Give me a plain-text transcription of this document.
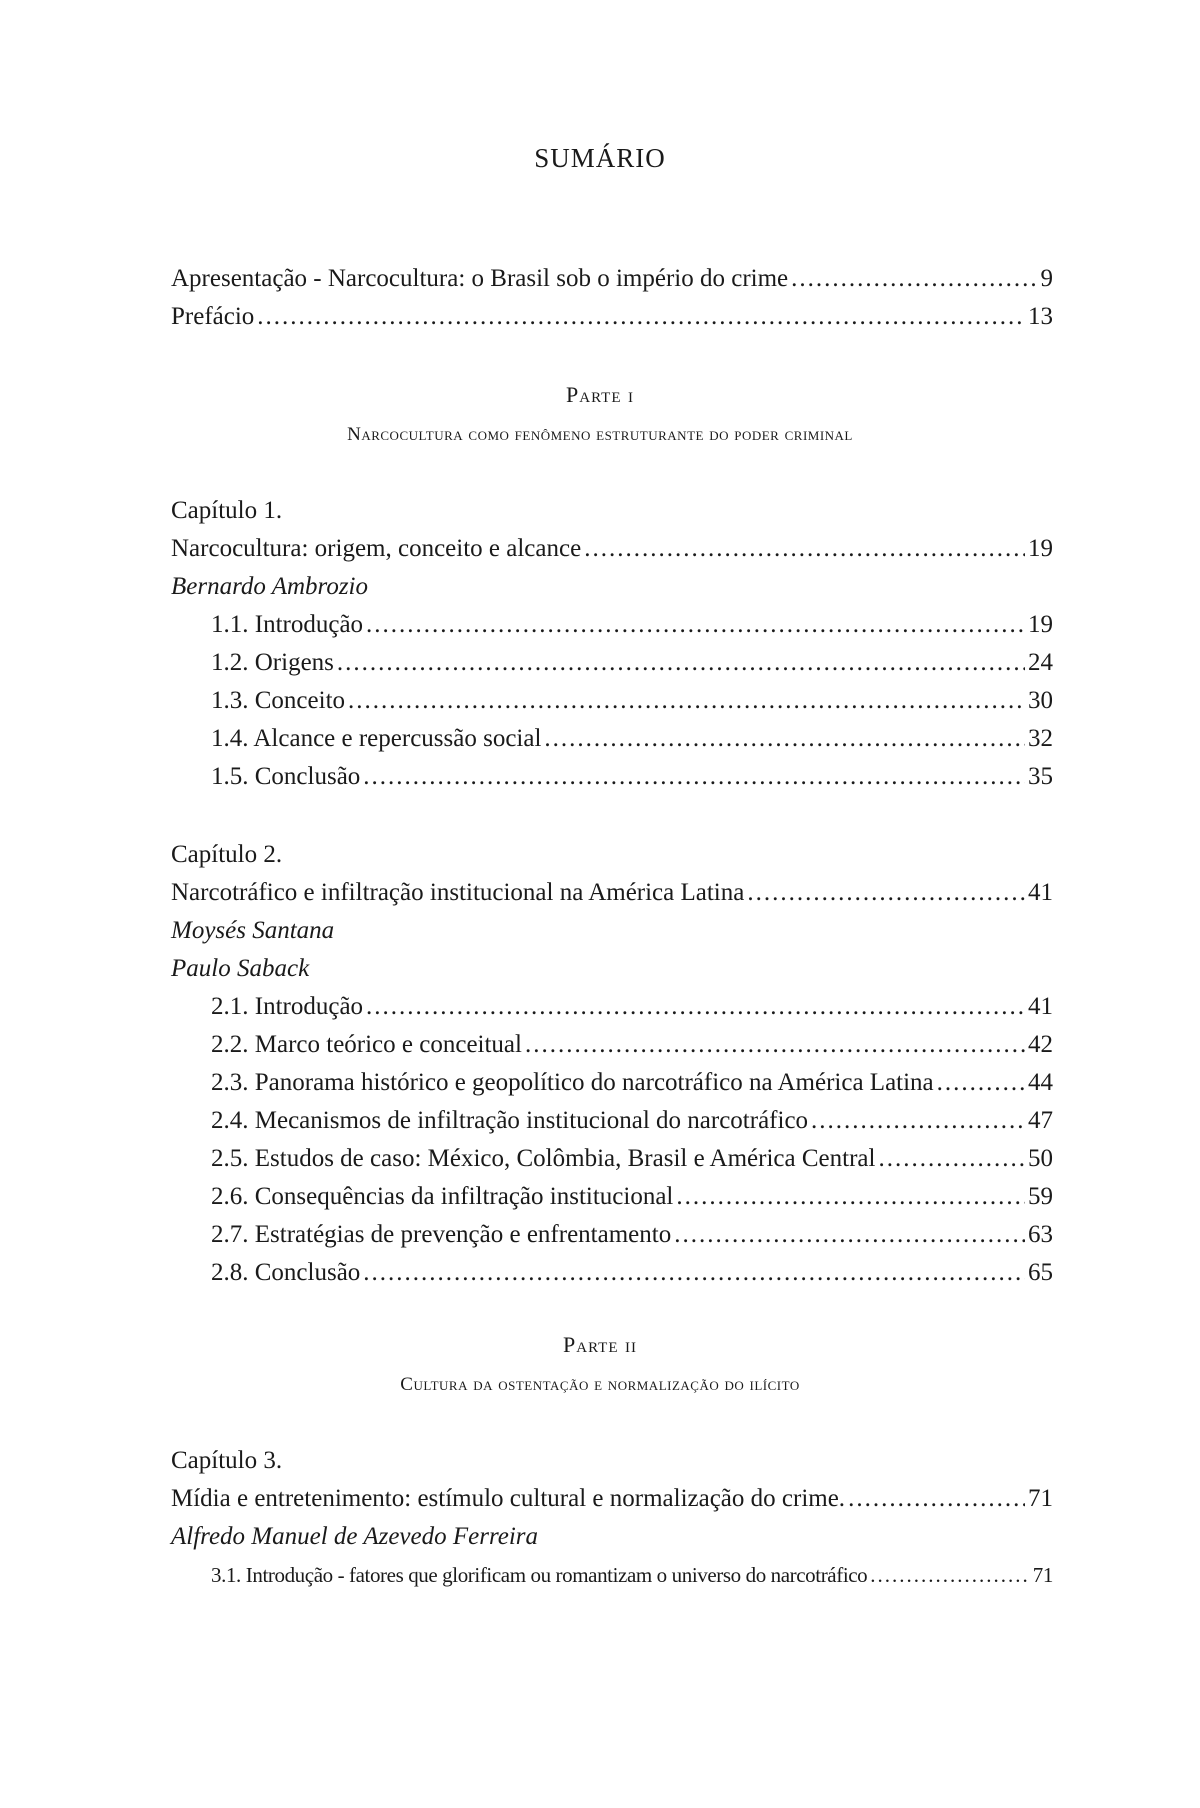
SUMÁRIO
Apresentação - Narcocultura: o Brasil sob o império do crime .....	9
Prefácio .....	13
Parte i
Narcocultura como fenômeno estruturante do poder criminal
Capítulo 1.
Narcocultura: origem, conceito e alcance .....	19
Bernardo Ambrozio
1.1. Introdução .....	19
1.2. Origens .....	24
1.3. Conceito .....	30
1.4. Alcance e repercussão social .....	32
1.5. Conclusão .....	35
Capítulo 2.
Narcotráfico e infiltração institucional na América Latina .....	41
Moysés Santana
Paulo Saback
2.1. Introdução .....	41
2.2. Marco teórico e conceitual .....	42
2.3. Panorama histórico e geopolítico do narcotráfico na América Latina .....	44
2.4. Mecanismos de infiltração institucional do narcotráfico .....	47
2.5. Estudos de caso: México, Colômbia, Brasil e América Central .....	50
2.6. Consequências da infiltração institucional .....	59
2.7. Estratégias de prevenção e enfrentamento .....	63
2.8. Conclusão .....	65
Parte ii
Cultura da ostentação e normalização do ilícito
Capítulo 3.
Mídia e entretenimento: estímulo cultural e normalização do crime. .....	71
Alfredo Manuel de Azevedo Ferreira
3.1. Introdução - fatores que glorificam ou romantizam o universo do narcotráfico .....	71
